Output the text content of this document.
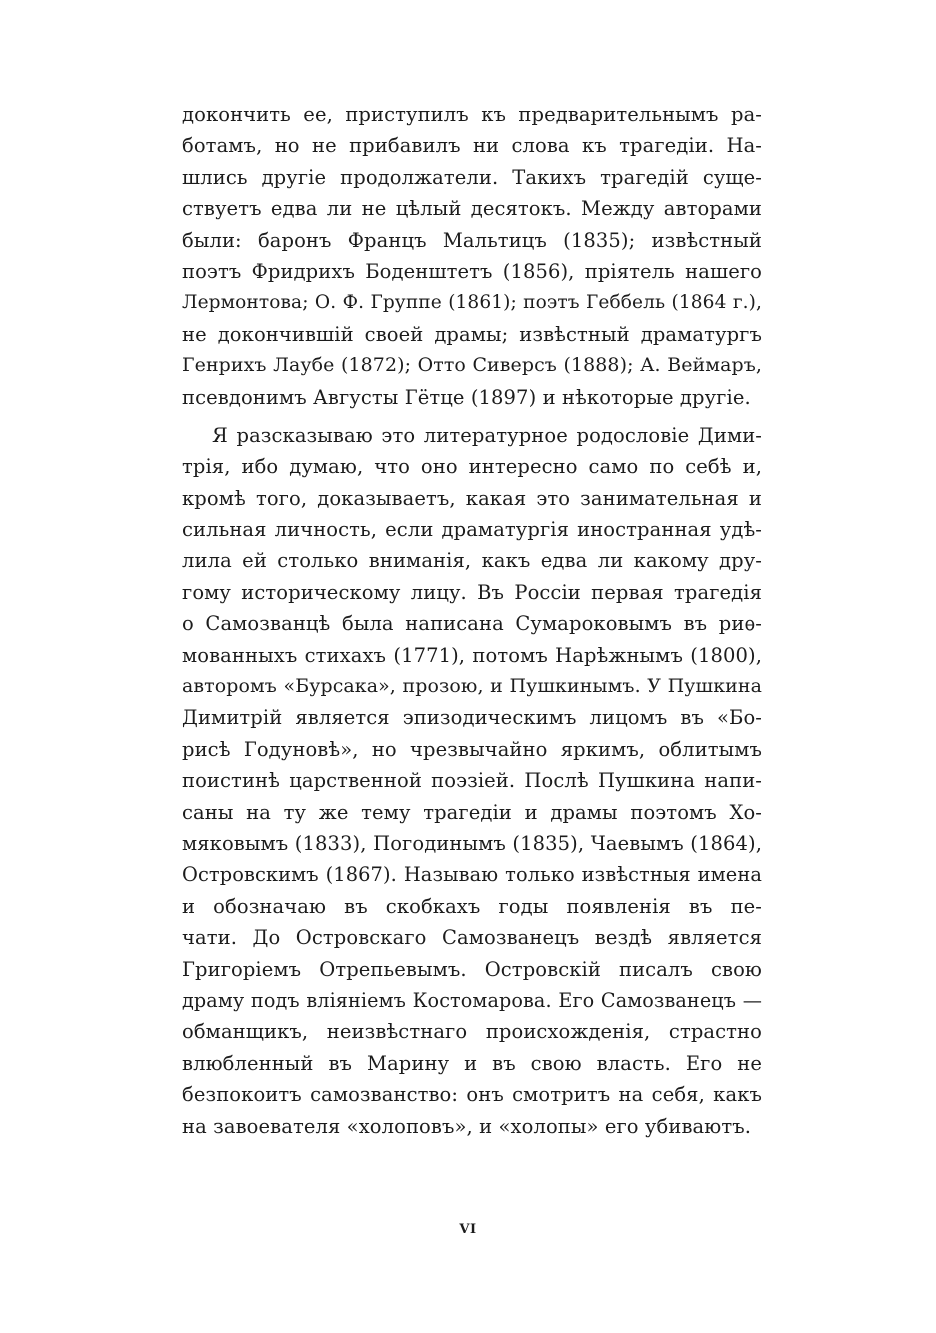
докончить ее, приступилъ къ предварительнымъ ра-
ботамъ, но не прибавилъ ни слова къ трагедіи. На-
шлись другіе продолжатели. Такихъ трагедій суще-
ствуетъ едва ли не цѣлый десятокъ. Между авторами
были: баронъ Францъ Мальтицъ (1835); извѣстный
поэтъ Фридрихъ Боденштетъ (1856), пріятель нашего
Лермонтова; О. Ф. Группе (1861); поэтъ Геббель (1864 г.),
не докончившій своей драмы; извѣстный драматургъ
Генрихъ Лаубе (1872); Отто Сиверсъ (1888); А. Веймаръ,
псевдонимъ Августы Гётце (1897) и нѣкоторые другіе.
Я разсказываю это литературное родословіе Дими-
трія, ибо думаю, что оно интересно само по себѣ и,
кромѣ того, доказываетъ, какая это занимательная и
сильная личность, если драматургія иностранная удѣ-
лила ей столько вниманія, какъ едва ли какому дру-
гому историческому лицу. Въ Россіи первая трагедія
о Самозванцѣ была написана Сумароковымъ въ риѳ-
мованныхъ стихахъ (1771), потомъ Нарѣжнымъ (1800),
авторомъ «Бурсака», прозою, и Пушкинымъ. У Пушкина
Димитрій является эпизодическимъ лицомъ въ «Бо-
рисѣ Годуновѣ», но чрезвычайно яркимъ, облитымъ
поистинѣ царственной поэзіей. Послѣ Пушкина напи-
саны на ту же тему трагедіи и драмы поэтомъ Хо-
мяковымъ (1833), Погодинымъ (1835), Чаевымъ (1864),
Островскимъ (1867). Называю только извѣстныя имена
и обозначаю въ скобкахъ годы появленія въ пе-
чати. До Островскаго Самозванецъ вездѣ является
Григоріемъ Отрепьевымъ. Островскій писалъ свою
драму подъ вліяніемъ Костомарова. Его Самозванецъ —
обманщикъ, неизвѣстнаго происхожденія, страстно
влюбленный въ Марину и въ свою власть. Его не
безпокоитъ самозванство: онъ смотритъ на себя, какъ
на завоевателя «холоповъ», и «холопы» его убиваютъ.
VI
